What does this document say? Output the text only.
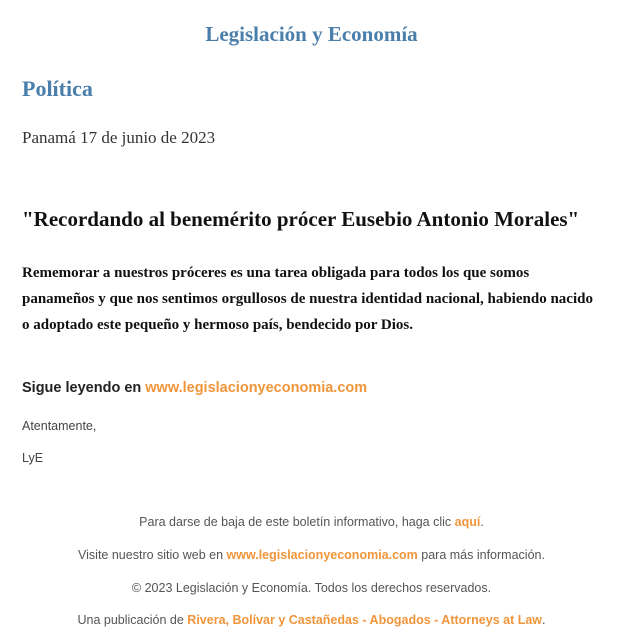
Legislación y Economía
Política
Panamá 17 de junio de 2023
"Recordando al benemérito prócer Eusebio Antonio Morales"
Rememorar a nuestros próceres es una tarea obligada para todos los que somos panameños y que nos sentimos orgullosos de nuestra identidad nacional, habiendo nacido o adoptado este pequeño y hermoso país, bendecido por Dios.
Sigue leyendo en www.legislacionyeconomia.com
Atentamente,
LyE
Para darse de baja de este boletín informativo, haga clic aquí.
Visite nuestro sitio web en www.legislacionyeconomia.com para más información.
© 2023 Legislación y Economía. Todos los derechos reservados.
Una publicación de Rivera, Bolívar y Castañedas - Abogados - Attorneys at Law.
